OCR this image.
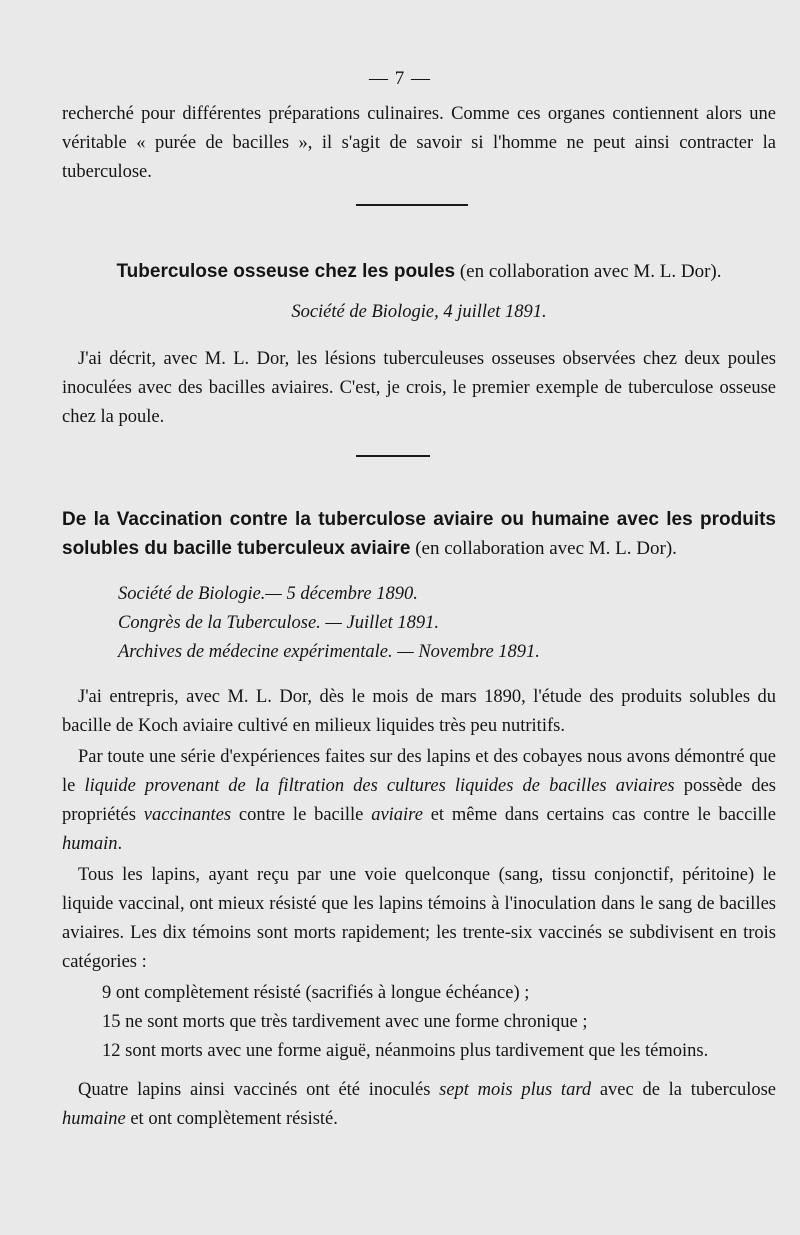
— 7 —

recherché pour différentes préparations culinaires. Comme ces organes contiennent alors une véritable « purée de bacilles », il s'agit de savoir si l'homme ne peut ainsi contracter la tuberculose.

Tuberculose osseuse chez les poules (en collaboration avec M. L. Dor).

Société de Biologie, 4 juillet 1891.

J'ai décrit, avec M. L. Dor, les lésions tuberculeuses osseuses observées chez deux poules inoculées avec des bacilles aviaires. C'est, je crois, le premier exemple de tuberculose osseuse chez la poule.

De la Vaccination contre la tuberculose aviaire ou humaine avec les produits solubles du bacille tuberculeux aviaire (en collaboration avec M. L. Dor).

Société de Biologie.— 5 décembre 1890.

Congrès de la Tuberculose. — Juillet 1891.

Archives de médecine expérimentale. — Novembre 1891.

J'ai entrepris, avec M. L. Dor, dès le mois de mars 1890, l'étude des produits solubles du bacille de Koch aviaire cultivé en milieux liquides très peu nutritifs.

Par toute une série d'expériences faites sur des lapins et des cobayes nous avons démontré que le liquide provenant de la filtration des cultures liquides de bacilles aviaires possède des propriétés vaccinantes contre le bacille aviaire et même dans certains cas contre le baccille humain.

Tous les lapins, ayant reçu par une voie quelconque (sang, tissu conjonctif, péritoine) le liquide vaccinal, ont mieux résisté que les lapins témoins à l'inoculation dans le sang de bacilles aviaires. Les dix témoins sont morts rapidement; les trente-six vaccinés se subdivisent en trois catégories :

9 ont complètement résisté (sacrifiés à longue échéance) ;

15 ne sont morts que très tardivement avec une forme chronique ;

12 sont morts avec une forme aiguë, néanmoins plus tardivement que les témoins.

Quatre lapins ainsi vaccinés ont été inoculés sept mois plus tard avec de la tuberculose humaine et ont complètement résisté.
